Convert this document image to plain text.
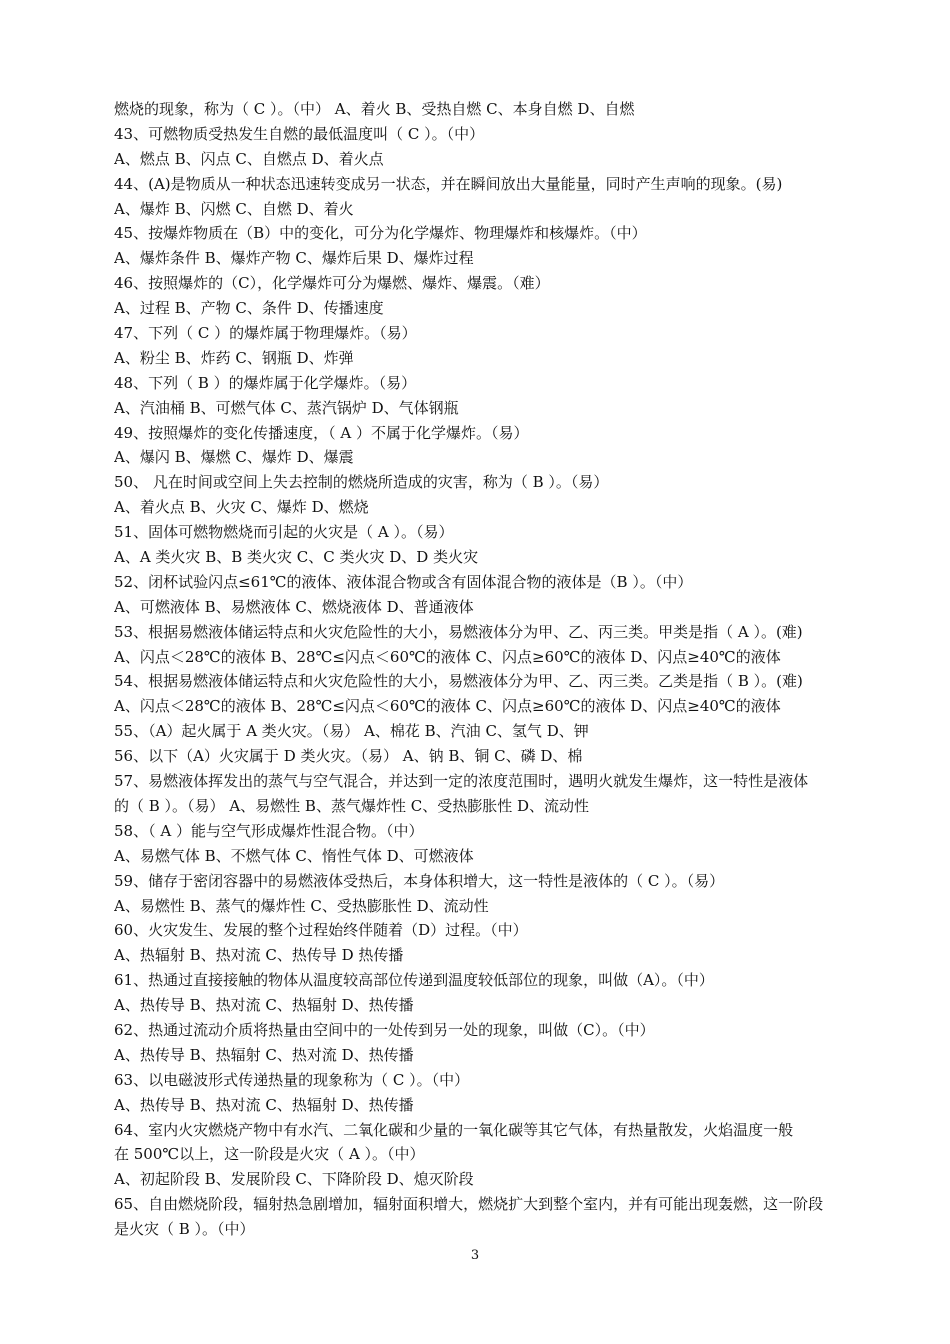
燃烧的现象，称为（ C ）。（中） A、着火 B、受热自燃 C、本身自燃 D、自燃
43、可燃物质受热发生自燃的最低温度叫（ C ）。（中）
A、燃点 B、闪点 C、自燃点 D、着火点
44、(A)是物质从一种状态迅速转变成另一状态，并在瞬间放出大量能量，同时产生声响的现象。(易)
A、爆炸 B、闪燃 C、自燃 D、着火
45、按爆炸物质在（B）中的变化，可分为化学爆炸、物理爆炸和核爆炸。（中）
A、爆炸条件 B、爆炸产物 C、爆炸后果 D、爆炸过程
46、按照爆炸的（C），化学爆炸可分为爆燃、爆炸、爆震。（难）
A、过程 B、产物 C、条件 D、传播速度
47、下列（ C ）的爆炸属于物理爆炸。（易）
A、粉尘 B、炸药 C、钢瓶 D、炸弹
48、下列（ B ）的爆炸属于化学爆炸。（易）
A、汽油桶 B、可燃气体 C、蒸汽锅炉 D、气体钢瓶
49、按照爆炸的变化传播速度，（ A ）不属于化学爆炸。（易）
A、爆闪 B、爆燃 C、爆炸 D、爆震
50、 凡在时间或空间上失去控制的燃烧所造成的灾害，称为（ B ）。（易）
A、着火点 B、火灾 C、爆炸 D、燃烧
51、固体可燃物燃烧而引起的火灾是（ A ）。（易）
A、A 类火灾 B、B 类火灾 C、C 类火灾 D、D 类火灾
52、闭杯试验闪点≤61℃的液体、液体混合物或含有固体混合物的液体是（B ）。（中）
A、可燃液体 B、易燃液体 C、燃烧液体 D、普通液体
53、根据易燃液体储运特点和火灾危险性的大小，易燃液体分为甲、乙、丙三类。甲类是指（ A ）。(难)
A、闪点＜28℃的液体 B、28℃≤闪点＜60℃的液体 C、闪点≥60℃的液体 D、闪点≥40℃的液体
54、根据易燃液体储运特点和火灾危险性的大小，易燃液体分为甲、乙、丙三类。乙类是指（ B ）。(难)
A、闪点＜28℃的液体 B、28℃≤闪点＜60℃的液体 C、闪点≥60℃的液体 D、闪点≥40℃的液体
55、（A）起火属于 A 类火灾。（易） A、棉花 B、汽油 C、氢气 D、钾
56、以下（A）火灾属于 D 类火灾。（易） A、钠 B、铜 C、磷 D、棉
57、易燃液体挥发出的蒸气与空气混合，并达到一定的浓度范围时，遇明火就发生爆炸，这一特性是液体
的（ B ）。（易） A、易燃性 B、蒸气爆炸性 C、受热膨胀性 D、流动性
58、（ A ）能与空气形成爆炸性混合物。（中）
A、易燃气体 B、不燃气体 C、惰性气体 D、可燃液体
59、储存于密闭容器中的易燃液体受热后，本身体积增大，这一特性是液体的（ C ）。（易）
A、易燃性 B、蒸气的爆炸性 C、受热膨胀性 D、流动性
60、火灾发生、发展的整个过程始终伴随着（D）过程。（中）
A、热辐射 B、热对流 C、热传导 D 热传播
61、热通过直接接触的物体从温度较高部位传递到温度较低部位的现象，叫做（A）。（中）
A、热传导 B、热对流 C、热辐射 D、热传播
62、热通过流动介质将热量由空间中的一处传到另一处的现象，叫做（C）。（中）
A、热传导 B、热辐射 C、热对流 D、热传播
63、以电磁波形式传递热量的现象称为（ C ）。（中）
A、热传导 B、热对流 C、热辐射 D、热传播
64、室内火灾燃烧产物中有水汽、二氧化碳和少量的一氧化碳等其它气体，有热量散发，火焰温度一般
在 500℃以上，这一阶段是火灾（ A ）。（中）
A、初起阶段 B、发展阶段 C、下降阶段 D、熄灭阶段
65、自由燃烧阶段，辐射热急剧增加，辐射面积增大，燃烧扩大到整个室内，并有可能出现轰燃，这一阶段
是火灾（ B ）。（中）
3
